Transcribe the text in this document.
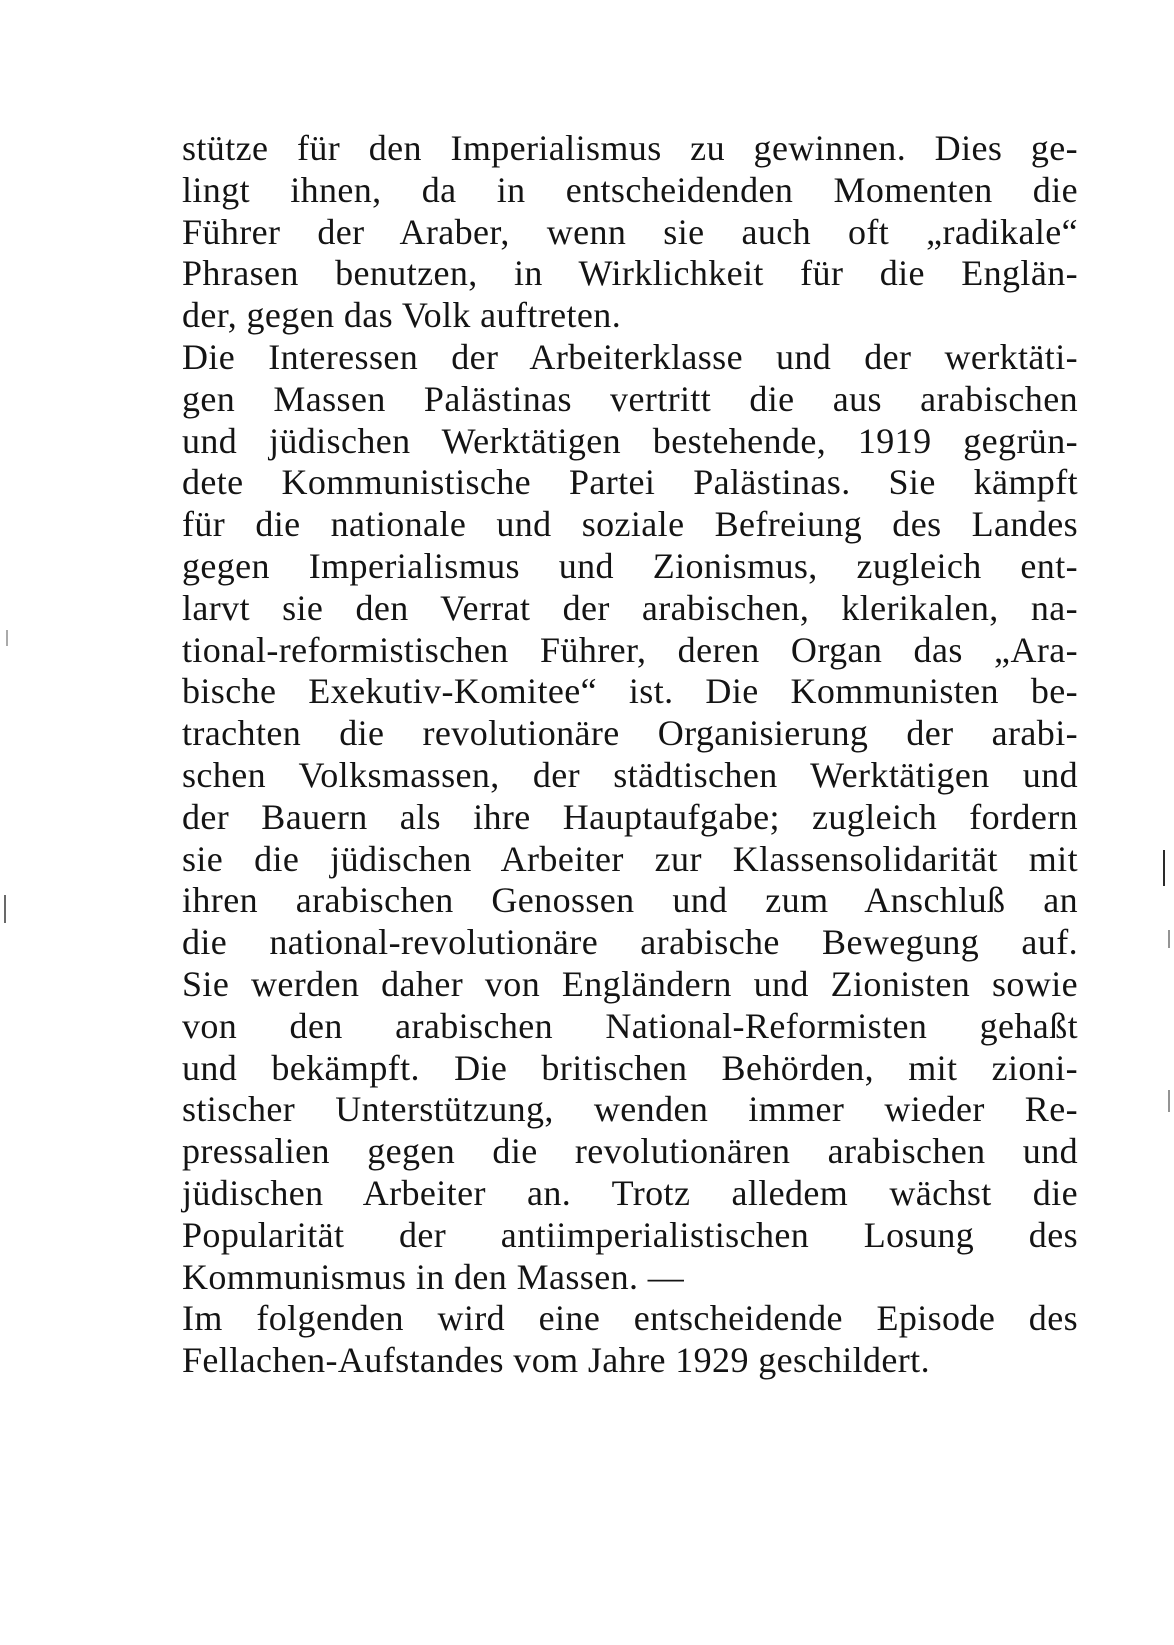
stütze für den Imperialismus zu gewinnen. Dies ge-
lingt ihnen, da in entscheidenden Momenten die
Führer der Araber, wenn sie auch oft „radikale“
Phrasen benutzen, in Wirklichkeit für die Englän-
der, gegen das Volk auftreten.
Die Interessen der Arbeiterklasse und der werktäti-
gen Massen Palästinas vertritt die aus arabischen
und jüdischen Werktätigen bestehende, 1919 gegrün-
dete Kommunistische Partei Palästinas. Sie kämpft
für die nationale und soziale Befreiung des Landes
gegen Imperialismus und Zionismus, zugleich ent-
larvt sie den Verrat der arabischen, klerikalen, na-
tional-reformistischen Führer, deren Organ das „Ara-
bische Exekutiv-Komitee“ ist. Die Kommunisten be-
trachten die revolutionäre Organisierung der arabi-
schen Volksmassen, der städtischen Werktätigen und
der Bauern als ihre Hauptaufgabe; zugleich fordern
sie die jüdischen Arbeiter zur Klassensolidarität mit
ihren arabischen Genossen und zum Anschluß an
die national-revolutionäre arabische Bewegung auf.
Sie werden daher von Engländern und Zionisten sowie
von den arabischen National-Reformisten gehaßt
und bekämpft. Die britischen Behörden, mit zioni-
stischer Unterstützung, wenden immer wieder Re-
pressalien gegen die revolutionären arabischen und
jüdischen Arbeiter an. Trotz alledem wächst die
Popularität der antiimperialistischen Losung des
Kommunismus in den Massen. —
Im folgenden wird eine entscheidende Episode des
Fellachen-Aufstandes vom Jahre 1929 geschildert.
